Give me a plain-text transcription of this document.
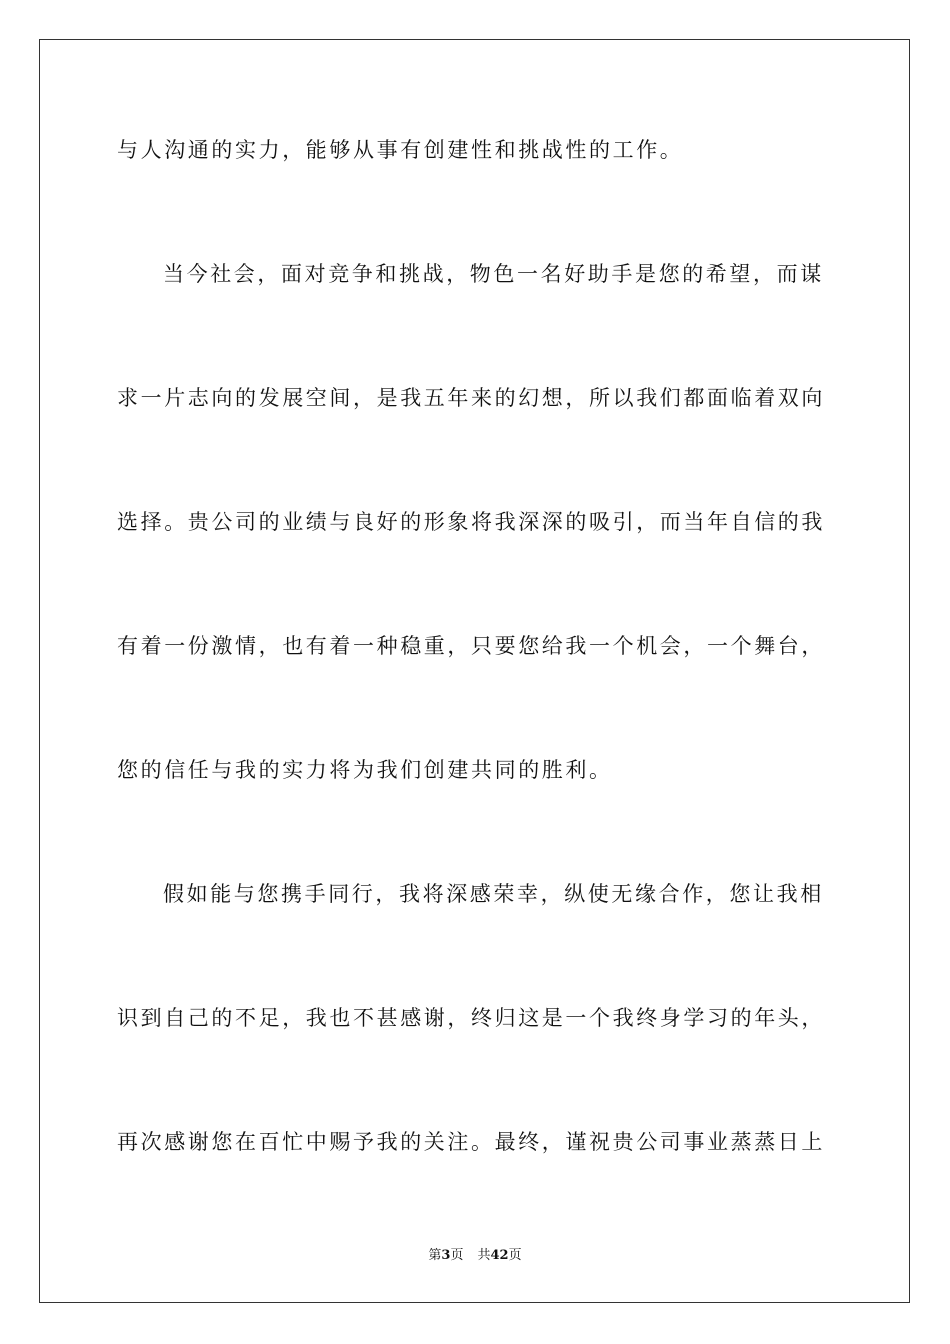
与人沟通的实力，能够从事有创建性和挑战性的工作。
当今社会，面对竞争和挑战，物色一名好助手是您的希望，而谋
求一片志向的发展空间，是我五年来的幻想，所以我们都面临着双向
选择。贵公司的业绩与良好的形象将我深深的吸引，而当年自信的我
有着一份激情，也有着一种稳重，只要您给我一个机会，一个舞台，
您的信任与我的实力将为我们创建共同的胜利。
假如能与您携手同行，我将深感荣幸，纵使无缘合作，您让我相
识到自己的不足，我也不甚感谢，终归这是一个我终身学习的年头，
再次感谢您在百忙中赐予我的关注。最终，谨祝贵公司事业蒸蒸日上
第3页 共42页
